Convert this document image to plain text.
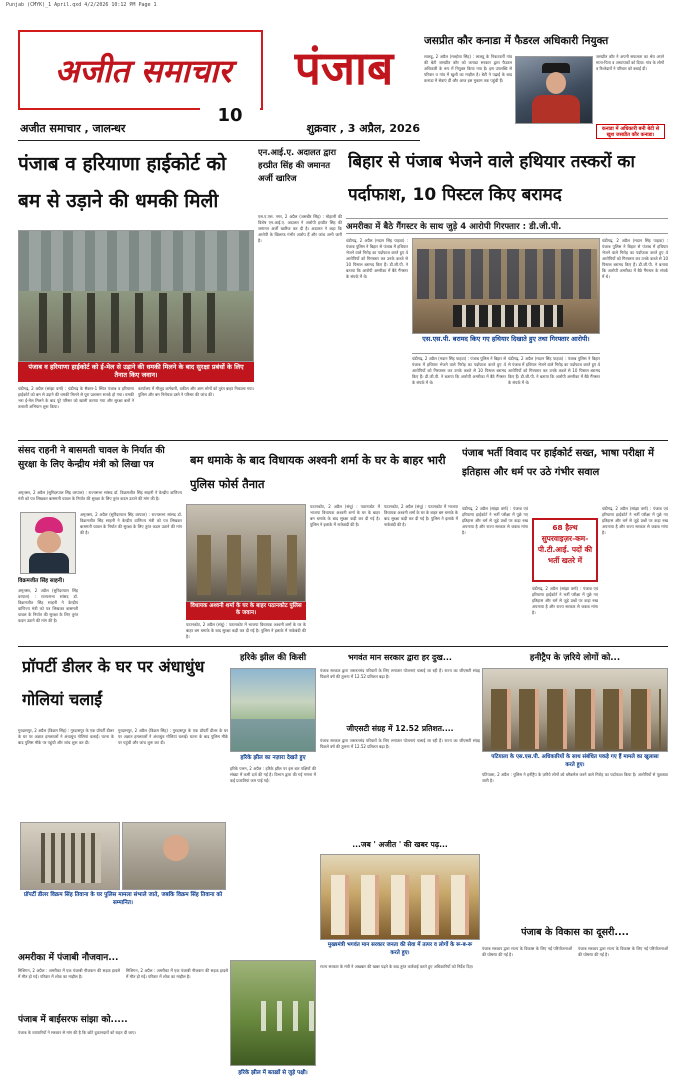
Punjab (CMYK)_1 April.qxd 4/2/2026 10:12 PM Page 1
अजीत समाचार	पंजाब
10
अजीत समाचार , जालन्धर	शुक्रवार , 3 अप्रैल, 2026
जसप्रीत कौर कनाडा में फैडरल अधिकारी नियुक्त
लालडू, 2 अप्रैल (मल्होत्रा सिंह) : लालडू के निकटवर्ती गांव की बेटी जसप्रीत कौर को कनाडा सरकार द्वारा फैडरल अधिकारी के रूप में नियुक्त किया गया है। इस उपलब्धि से परिवार व गांव में खुशी का माहौल है। बेटी ने पढ़ाई के बाद कनाडा में सेवाएं दीं और आज इस मुकाम तक पहुंची हैं।
जसप्रीत कौर ने अपनी सफलता का श्रेय अपने माता-पिता व अध्यापकों को दिया। गांव के लोगों व रिश्तेदारों ने परिवार को बधाई दी।
कनाडा में अधिकारी बनी बेटी से खुश जसप्रीत कौर कनाडा।
पंजाब व हरियाणा हाईकोर्ट को बम से उड़ाने की धमकी मिली
पंजाब व हरियाणा हाईकोर्ट को ई-मेल से उड़ाने की धमकी मिलने के बाद सुरक्षा प्रबंधों के लिए तैनात किए जवान।
चंडीगढ़, 2 अप्रैल (सांझा वर्मा) : चंडीगढ़ के सैक्टर-1 स्थित पंजाब व हरियाणा हाईकोर्ट को बम से उड़ाने की धमकी मिलने से पूरा प्रशासन सतर्क हो गया। धमकी भरा ई-मेल मिलने के बाद पूरे परिसर को खाली कराया गया और सुरक्षा बलों ने तलाशी अभियान शुरू किया।
कार्यालय में मौजूद कर्मचारी, वकील और आम लोगों को तुरंत बाहर निकाला गया। पुलिस और बम निरोधक दस्ते ने परिसर की जांच की।
एन.आई.ए. अदालत द्वारा हरप्रीत सिंह की जमानत अर्जी खारिज
एस.ए.एस. नगर, 2 अप्रैल (जसबीर सिंह) : मोहाली की विशेष एन.आई.ए. अदालत ने आरोपी हरप्रीत सिंह की जमानत अर्जी खारिज कर दी है। अदालत ने कहा कि आरोपी के खिलाफ गंभीर आरोप हैं और जांच अभी जारी है।
बिहार से पंजाब भेजने वाले हथियार तस्करों का पर्दाफाश, 10 पिस्टल किए बरामद
अमरीका में बैठे गैंगस्टर के साथ जुड़े 4 आरोपी गिरफ्तार : डी.जी.पी.
चंडीगढ़, 2 अप्रैल (मदान सिंह पाहवा) : पंजाब पुलिस ने बिहार से पंजाब में हथियार भेजने वाले गिरोह का पर्दाफाश करते हुए 4 आरोपियों को गिरफ्तार कर उनके कब्जे से 10 पिस्टल बरामद किए हैं। डी.जी.पी. ने बताया कि आरोपी अमरीका में बैठे गैंगस्टर के संपर्क में थे।
चंडीगढ़, 2 अप्रैल (मदान सिंह पाहवा) : पंजाब पुलिस ने बिहार से पंजाब में हथियार भेजने वाले गिरोह का पर्दाफाश करते हुए 4 आरोपियों को गिरफ्तार कर उनके कब्जे से 10 पिस्टल बरामद किए हैं। डी.जी.पी. ने बताया कि आरोपी अमरीका में बैठे गैंगस्टर के संपर्क में थे।
एस.एस.पी. बरामद किए गए हथियार दिखाते हुए तथा गिरफ्तार आरोपी।
चंडीगढ़, 2 अप्रैल (मदान सिंह पाहवा) : पंजाब पुलिस ने बिहार से पंजाब में हथियार भेजने वाले गिरोह का पर्दाफाश करते हुए 4 आरोपियों को गिरफ्तार कर उनके कब्जे से 10 पिस्टल बरामद किए हैं। डी.जी.पी. ने बताया कि आरोपी अमरीका में बैठे गैंगस्टर के संपर्क में थे।
चंडीगढ़, 2 अप्रैल (मदान सिंह पाहवा) : पंजाब पुलिस ने बिहार से पंजाब में हथियार भेजने वाले गिरोह का पर्दाफाश करते हुए 4 आरोपियों को गिरफ्तार कर उनके कब्जे से 10 पिस्टल बरामद किए हैं। डी.जी.पी. ने बताया कि आरोपी अमरीका में बैठे गैंगस्टर के संपर्क में थे।
संसद राहनी ने बासमती चावल के निर्यात की सुरक्षा के लिए केन्द्रीय मंत्री को लिखा पत्र
अमृतसर, 2 अप्रैल (सुरिंदरपाल सिंह वरपाल) : राज्यसभा सांसद डॉ. विक्रमजीत सिंह साहनी ने केन्द्रीय वाणिज्य मंत्री को पत्र लिखकर बासमती चावल के निर्यात की सुरक्षा के लिए तुरंत कदम उठाने की मांग की है।
विक्रमजीत सिंह साहनी।
अमृतसर, 2 अप्रैल (सुरिंदरपाल सिंह वरपाल) : राज्यसभा सांसद डॉ. विक्रमजीत सिंह साहनी ने केन्द्रीय वाणिज्य मंत्री को पत्र लिखकर बासमती चावल के निर्यात की सुरक्षा के लिए तुरंत कदम उठाने की मांग की है।
अमृतसर, 2 अप्रैल (सुरिंदरपाल सिंह वरपाल) : राज्यसभा सांसद डॉ. विक्रमजीत सिंह साहनी ने केन्द्रीय वाणिज्य मंत्री को पत्र लिखकर बासमती चावल के निर्यात की सुरक्षा के लिए तुरंत कदम उठाने की मांग की है।
बम धमाके के बाद विधायक अश्वनी शर्मा के घर के बाहर भारी पुलिस फोर्स तैनात
विधायक अश्वनी शर्मा के घर के बाहर पठानकोट पुलिस के जवान।
पठानकोट, 2 अप्रैल (संधू) : पठानकोट में भाजपा विधायक अश्वनी शर्मा के घर के बाहर बम धमाके के बाद सुरक्षा कड़ी कर दी गई है। पुलिस ने इलाके में नाकेबंदी की है।
पठानकोट, 2 अप्रैल (संधू) : पठानकोट में भाजपा विधायक अश्वनी शर्मा के घर के बाहर बम धमाके के बाद सुरक्षा कड़ी कर दी गई है। पुलिस ने इलाके में नाकेबंदी की है।
पठानकोट, 2 अप्रैल (संधू) : पठानकोट में भाजपा विधायक अश्वनी शर्मा के घर के बाहर बम धमाके के बाद सुरक्षा कड़ी कर दी गई है। पुलिस ने इलाके में नाकेबंदी की है।
पंजाब भर्ती विवाद पर हाईकोर्ट सख्त, भाषा परीक्षा में इतिहास और धर्म पर उठे गंभीर सवाल
चंडीगढ़, 2 अप्रैल (सांझा वर्मा) : पंजाब एवं हरियाणा हाईकोर्ट ने भर्ती परीक्षा में पूछे गए इतिहास और धर्म से जुड़े प्रश्नों पर कड़ा रुख अपनाया है और राज्य सरकार से जवाब मांगा है।
68 हैल्थ सुपरवाइज़र-कम-पी.टी.आई. पदों की भर्ती खतरे में
चंडीगढ़, 2 अप्रैल (सांझा वर्मा) : पंजाब एवं हरियाणा हाईकोर्ट ने भर्ती परीक्षा में पूछे गए इतिहास और धर्म से जुड़े प्रश्नों पर कड़ा रुख अपनाया है और राज्य सरकार से जवाब मांगा है।
चंडीगढ़, 2 अप्रैल (सांझा वर्मा) : पंजाब एवं हरियाणा हाईकोर्ट ने भर्ती परीक्षा में पूछे गए इतिहास और धर्म से जुड़े प्रश्नों पर कड़ा रुख अपनाया है और राज्य सरकार से जवाब मांगा है।
प्रॉपर्टी डीलर के घर पर अंधाधुंध गोलियां चलाईं
गुरदासपुर, 2 अप्रैल (विक्रम सिंह) : गुरदासपुर के एक प्रॉपर्टी डीलर के घर पर अज्ञात हमलावरों ने अंधाधुंध गोलियां चलाईं। घटना के बाद पुलिस मौके पर पहुंची और जांच शुरू कर दी।
गुरदासपुर, 2 अप्रैल (विक्रम सिंह) : गुरदासपुर के एक प्रॉपर्टी डीलर के घर पर अज्ञात हमलावरों ने अंधाधुंध गोलियां चलाईं। घटना के बाद पुलिस मौके पर पहुंची और जांच शुरू कर दी।
प्रॉपर्टी डीलर विक्रम सिंह तिवाना के घर पुलिस मामला संभाले जाते, जबकि विक्रम सिंह तिवाना को सम्मानित।
हरिके झील की किसी
हरिके झील का नज़ारा देखते हुए
हरिके पत्तन, 2 अप्रैल : हरिके झील पर इस बार पक्षियों की संख्या में कमी दर्ज की गई है। विभाग द्वारा की गई गणना में कई प्रजातियां कम पाई गईं।
हरिके झील में बतख़ों से जुड़े पक्षी।
हनीट्रैप के ज़रिये लोगों को...
पटियाला के एस.एस.पी. अधिकारियों के साथ संबंधित पकड़े गए हैं मामले का खुलासा करते हुए।
पटियाला, 2 अप्रैल : पुलिस ने हनीट्रैप के ज़रिये लोगों को ब्लैकमेल करने वाले गिरोह का पर्दाफाश किया है। आरोपियों से पूछताछ जारी है।
पंजाब के विकास का दूसरी....
पंजाब सरकार द्वारा राज्य के विकास के लिए नई परियोजनाओं की घोषणा की गई है।
पंजाब सरकार द्वारा राज्य के विकास के लिए नई परियोजनाओं की घोषणा की गई है।
अमरीका में पंजाबी नौजवान...
मिशिगन, 2 अप्रैल : अमरीका में एक पंजाबी नौजवान की सड़क हादसे में मौत हो गई। परिवार में शोक का माहौल है।
मिशिगन, 2 अप्रैल : अमरीका में एक पंजाबी नौजवान की सड़क हादसे में मौत हो गई। परिवार में शोक का माहौल है।
पंजाब में बाईसरफ सांझा को.....
पंजाब के व्यापारियों ने सरकार से मांग की है कि छोटे दुकानदारों को राहत दी जाए।
भगवंत मान सरकार द्वारा हर दुख...
पंजाब सरकार द्वारा जरूरतमंद परिवारों के लिए लगातार योजनाएं चलाई जा रही हैं। राज्य का जीएसटी संग्रह पिछले वर्ष की तुलना में 12.52 प्रतिशत बढ़ा है।
जीएसटी संग्रह में 12.52 प्रतिशत....
पंजाब सरकार द्वारा जरूरतमंद परिवारों के लिए लगातार योजनाएं चलाई जा रही हैं। राज्य का जीएसटी संग्रह पिछले वर्ष की तुलना में 12.52 प्रतिशत बढ़ा है।
...जब ' अजीत ' की खबर पढ़...
मुख्यमंत्री भगवंत मान सरकार जनता की सेवा में तत्पर व लोगों के रू-ब-रू करते हुए।
राज्य सरकार के मंत्री ने अखबार की खबर पढ़ने के बाद तुरंत कार्रवाई करते हुए अधिकारियों को निर्देश दिए।
